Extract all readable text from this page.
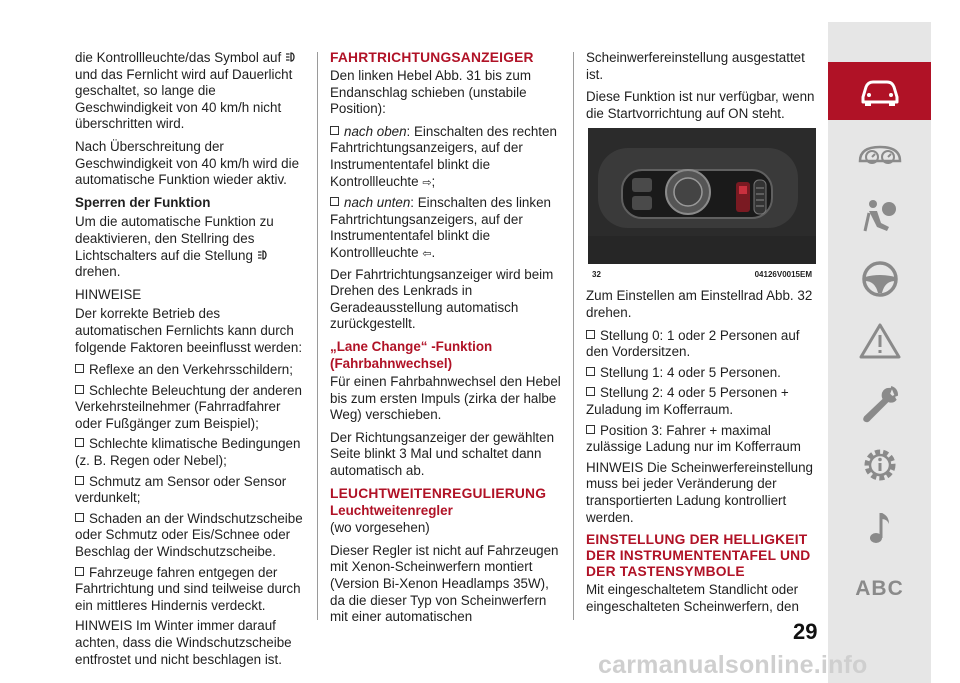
die Kontrollleuchte/das Symbol auf
und das Fernlicht wird auf Dauerlicht geschaltet, so lange die Geschwindigkeit von 40 km/h nicht überschritten wird.

Nach Überschreitung der Geschwindigkeit von 40 km/h wird die automatische Funktion wieder aktiv.

Sperren der Funktion

Um die automatische Funktion zu deaktivieren, den Stellring des Lichtschalters auf die Stellung  drehen.

HINWEISE

Der korrekte Betrieb des automatischen Fernlichts kann durch folgende Faktoren beeinflusst werden:

Reflexe an den Verkehrsschildern;
Schlechte Beleuchtung der anderen Verkehrsteilnehmer (Fahrradfahrer oder Fußgänger zum Beispiel);
Schlechte klimatische Bedingungen (z. B. Regen oder Nebel);
Schmutz am Sensor oder Sensor verdunkelt;
Schaden an der Windschutzscheibe oder Schmutz oder Eis/Schnee oder Beschlag der Windschutzscheibe.
Fahrzeuge fahren entgegen der Fahrtrichtung und sind teilweise durch ein mittleres Hindernis verdeckt.

HINWEIS Im Winter immer darauf achten, dass die Windschutzscheibe entfrostet und nicht beschlagen ist.

FAHRTRICHTUNGSANZEIGER

Den linken Hebel Abb. 31 bis zum Endanschlag schieben (unstabile Position):

nach oben: Einschalten des rechten Fahrtrichtungsanzeigers, auf der Instrumententafel blinkt die Kontrollleuchte ⇨;
nach unten: Einschalten des linken Fahrtrichtungsanzeigers, auf der Instrumententafel blinkt die Kontrollleuchte ⇦.

Der Fahrtrichtungsanzeiger wird beim Drehen des Lenkrads in Geradeausstellung automatisch zurückgestellt.

„Lane Change“ -Funktion (Fahrbahnwechsel)

Für einen Fahrbahnwechsel den Hebel bis zum ersten Impuls (zirka der halbe Weg) verschieben.

Der Richtungsanzeiger der gewählten Seite blinkt 3 Mal und schaltet dann automatisch ab.

LEUCHTWEITENREGULIERUNG

Leuchtweitenregler

(wo vorgesehen)

Dieser Regler ist nicht auf Fahrzeugen mit Xenon-Scheinwerfern montiert (Version Bi-Xenon Headlamps 35W), da die dieser Typ von Scheinwerfern mit einer automatischen

Scheinwerfereinstellung ausgestattet ist.

Diese Funktion ist nur verfügbar, wenn die Startvorrichtung auf ON steht.

32	04126V0015EM

Zum Einstellen am Einstellrad Abb. 32 drehen.

Stellung 0: 1 oder 2 Personen auf den Vordersitzen.
Stellung 1: 4 oder 5 Personen.
Stellung 2: 4 oder 5 Personen + Zuladung im Kofferraum.
Position 3: Fahrer + maximal zulässige Ladung nur im Kofferraum

HINWEIS Die Scheinwerfereinstellung muss bei jeder Veränderung der transportierten Ladung kontrolliert werden.

EINSTELLUNG DER HELLIGKEIT DER INSTRUMENTENTAFEL UND DER TASTENSYMBOLE

Mit eingeschaltetem Standlicht oder eingeschalteten Scheinwerfern, den

ABC
29
carmanualsonline.info
